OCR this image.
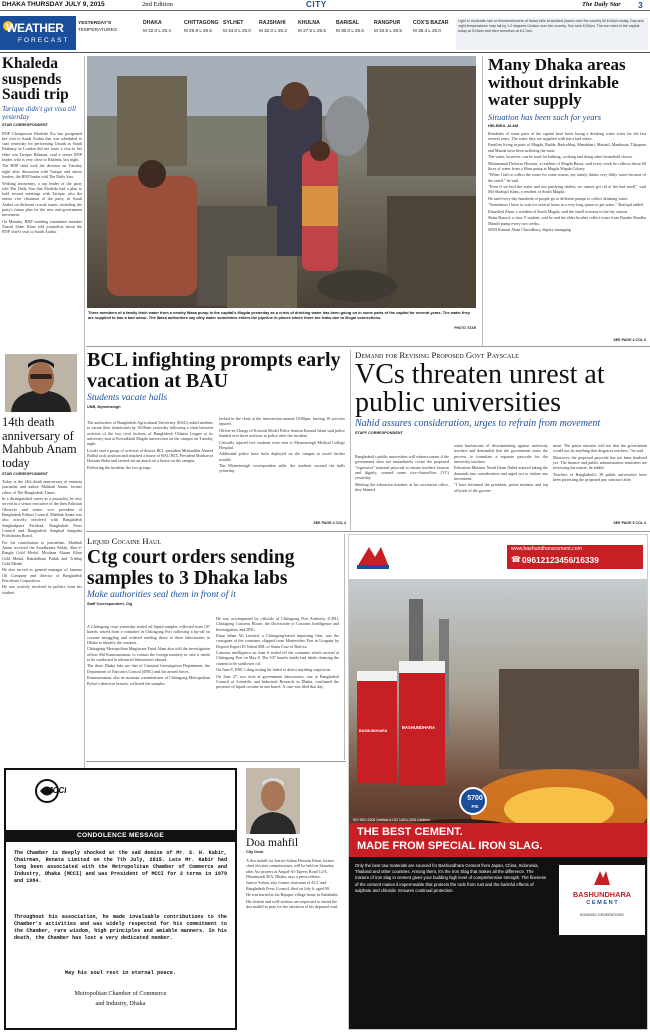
DHAKA THURSDAY JULY 9, 2015	2nd Edition	CITY	The Daily Star 3
WEATHER
FORECAST
YESTERDAY'S
TEMPERATURES
DHAKA
M 32.0 L 25.4
CHITTAGONG
M 29.8 L 26.5
SYLHET
M 34.0 L 25.0
RAJSHAHI
M 32.0 L 25.2
KHULNA
M 27.5 L 25.5
BARISAL
M 30.0 L 25.6
RANGPUR
M 34.5 L 26.5
COX'S BAZAR
M 35.4 L 26.0
Light to moderate rain or thundershowers of heavy falls at isolated places over the country till 6:00pm today. Day and night temperatures may fall by 1-2 degrees Celsius over the country. Sun sets 6:52pm. The sun rises in the capital today at 5:18am and then tomorrow at 6:17am.
Khaleda suspends Saudi trip
Tarique didn't get visa till yesterday
STAR CORRESPONDENT

BNP Chairperson Khaleda Zia has postponed her visit to Saudi Arabia that was scheduled to start yesterday for performing Umrah as Saudi Embassy in London did not issue a visa to her elder son Tarique Rahman, said a senior BNP leader, who is very close to Khaleda, last night.

The BNP chief took the decision on Tuesday night after discussion with Tarique and senior leaders, the BNP leader told The Daily Star.

Wishing anonymity, a top leader of the party told The Daily Star that Khaleda had a plan to hold several meetings with Tarique, also the senior vice chairman of the party, in Saudi Arabia on different crucial issues, including the party's future plan for the new anti-government movement.

On Monday, BNP standing committee member Nazrul Islam Khan told journalists about the BNP chief's visit to Saudi Arabia.

Three members of a family fetch water from a nearby Wasa pump in the capital's Mugda yesterday as a crisis of drinking water has been going on in some parts of the capital for several years. The water they are supplied to has a bad odour. The Wasa authorities say dirty water sometimes enters the pipeline in places where there are leaks due to illegal connections.
PHOTO: STAR
Many Dhaka areas without drinkable water supply
Situation has been such for years
HELEMUL ALAM

Residents of some parts of the capital have been facing a drinking water crisis for the last several years. The water they are supplied with has a bad odour.

Families living in parts of Mugda, Badda, Rudrobhuj, Mandabari, Matuail, Manikmia, Tilpapara and Manda have been suffering the most.

The water, however, can be used for bathing, cooking and doing other household chores.

Mohammad Delowar Hossain, a resident of Mugda Bazar, said every week he collects about 60 litres of water from a Wasa pump at Mugda Wapda Colony.

"When I fail to collect the water for some reason, my family drinks very filthy water because of the smell," he said.

"Even if we boil the water and use purifying tablets, we cannot get rid of the bad smell," said Md Shafiqul Islam, a resident of South Mugda.

He said every day hundreds of people go to different pumps to collect drinking water.

"Sometimes I have to wait for several hours in a very long queue to get water," Shafiqul added.

Khurshed Alam, a resident of South Mugda, said the smell worsens in the dry season.

Shain Rasool, a class V student, said he and his older brother collect water from Basabo Boudha Mandir pump every two weeks.

SDM Kamrul Alam Chowdhury, deputy managing

SEE PAGE 4 COL 6
14th death anniversary of Mahbub Anam today
STAR CORRESPONDENT

Today is the 14th death anniversary of eminent journalist and author Mahbub Anam, former editor of The Bangladesh Times.

In a distinguished career as a journalist, he also served as a senior executive of the then Pakistan Observer and senior vice president of Bangladesh Editors Council. Mahbub Anam was also actively involved with Bangladesh Sangbadpatra Parishad, Bangladesh Press Council and Bangladesh Sangbad Sangstha Pritisthatna Board.

For his contribution to journalism, Mahbub Anam received the Swadhinata Padak, Sher-e-Bangla Gold Medal, Moulana Akram Khan Gold Medal, Rakshdhani Padak and Tribhuj Gold Medal.

He also served as general manager of Jamuna Oil Company and director of Bangladesh Petroleum Corporation.

He was actively involved in politics from his student

BCL infighting prompts early vacation at BAU
Students vacate halls
UNB, Mymensingh

The authorities of Bangladesh Agricultural University (BAU) asked students to vacate their dormitories by 10:00am yesterday following a clash between activists of the two rival factions of Bangladesh Chhatra League at its university unit at Kewatkhali Mugda intersection on the campus on Tuesday night.

Locals said a group of activists of district BCL president Mohiuddin Ahmed Bulbul took position and attacked a house of BAU BCL President Mosharraf Hossain Babu and carried out an attack on a house on the campus.

Following the incident, the two groups

locked in the clash at the intersection around 10:00pm, leaving 10 activists injured.

Officer-in-Charge of Kotwali Model Police Station Kamrul Islam said police handed over three activists to police after the incident.

Critically injured five students were sent to Mymensingh Medical College Hospital.

Additional police have been deployed on the campus to avoid further trouble.

The Mymensingh correspondent adds: the students vacated the halls yesterday

SEE PAGE 4 COL 4
Demand for Revising Proposed Govt Payscale
VCs threaten unrest at public universities
Nahid assures consideration, urges to refrain from movement
STAFF CORRESPONDENT

Bangladesh's public universities will witness unrest if the government does not immediately revise the proposed "regressive" national payscale to ensure teachers' honour and dignity, warned some vice-chancellors (VC) yesterday.

Meeting the education minister at his secretariat office, they blamed

some bureaucrats of discriminating against university teachers and demanded that the government starts the process to formulate a separate payscale for the university teachers.

Education Minister Nurul Islam Nahid assured taking the demands into consideration and urged not to initiate any movement.

"I have informed the president, prime minister and top officials of the govern-

ment. The prime minister told me that the government would not do anything that disgraces teachers," he said.

Moreover, the proposed payscale has not been finalised yet. The finance and public administration ministries are reviewing the matter, he added.

Teachers of Bangladesh's 38 public universities have been protesting the proposed pay structure after

SEE PAGE 5 COL 4
Liquid Cocaine Haul
Ctg court orders sending samples to 3 Dhaka labs
Make authorities seal them in front of it
Staff Correspondent, Ctg

A Chittagong court yesterday sealed off liquid samples collected from 107 barrels seized from a container in Chittagong Port following a tip-off on cocaine smuggling and ordered sending those to three laboratories in Dhaka to identify the contents.

Chittagong Metropolitan Magistrate Farid Alam also told the investigation officer Md Kamruzzaman, to contact the foreign ministry in case it needs to be conducted in advanced laboratories abroad.

The three Dhaka labs are that of Criminal Investigation Department, the Department of Narcotics Control (DNC) and the armed forces.

Kamruzzaman, also an assistant commissioner of Chittagong Metropolitan Police's detective branch, collected the samples.

He was accompanied by officials of Chittagong Port Authority (CPA), Chittagong Customs House, the Directorate of Customs Intelligence and Investigation, and DNC.

Khan Jahan Ali Limited, a Chittagong-based importing firm, was the consignee of the container, shipped from Montevideo Port in Uruguay by Deposit Export El Valent SRL of Santa Cruz of Bolivia.

Customs intelligence on June 6 sealed off the container which arrived at Chittagong Port on May 8. The 107 barrels inside had labels claiming the content to be sunflower oil.

On June 8, DNC's drug testing kit failed to detect anything suspicious.

On June 27, two tests at government laboratories, one at Bangladesh Council of Scientific and Industrial Research in Dhaka, confirmed the presence of liquid cocaine in one barrel. A case was filed that day.

www.bashundharacement.com
☎ 09612123456/16339
BASHUNDHARA
BASHUNDHARA
5700
PSI
ISO 9001:2008 Certified & ISO 14001:2004 Certified
THE BEST CEMENT.
MADE FROM SPECIAL IRON SLAG.
Only the best raw materials are sourced for Bashundhara Cement from Japan, China, Indonesia, Thailand and other countries. Among them, it's the Iron Slag that makes all the difference. The mixture of iron slag in cement gives your building high level of comprehensive strength. The fineness of the cement makes it impermeable that protects the rods from rust and the harmful effects of sulphate and chloride. Ensures continual protection.	BASHUNDHARA
C E M E N T
BONDING GENERATIONS
MCCI
CONDOLENCE MESSAGE
The Chamber is deeply shocked at the sad demise of Mr. S. H. Kabir, Chairman, Renata Limited on the 7th July, 2015. Late Mr. Kabir had long been associated with the Metropolitan Chamber of Commerce and Industry, Dhaka (MCCI) and was President of MCCI for 2 terms in 1979 and 1984.
Throughout his association, he made invaluable contributions to the Chamber's activities and was widely respected for his commitment to the Chamber, rare wisdom, high principles and amiable manners. In his death, the Chamber has lost a very dedicated member.
May his soul rest in eternal peace.
Metropolitan Chamber of Commerce
and Industry, Dhaka
Doa mahfil
City Desk

A doa mahfil for Justice Sultan Hossain Khan, former chief election commissioner, will be held on Saturday after Asr prayers at Amjad-Al-Tajeen, Road 12/A, Dhanmondi R/A, Dhaka, says a press release.

Justice Sultan, also former chairman of ACC and Bangladesh Press Council, died on July 6, aged 90.

He was buried at his Bajapur village home in Jhalakathi.

His friends and well-wishers are requested to attend the doa mahfil to pray for the salvation of his departed soul.
